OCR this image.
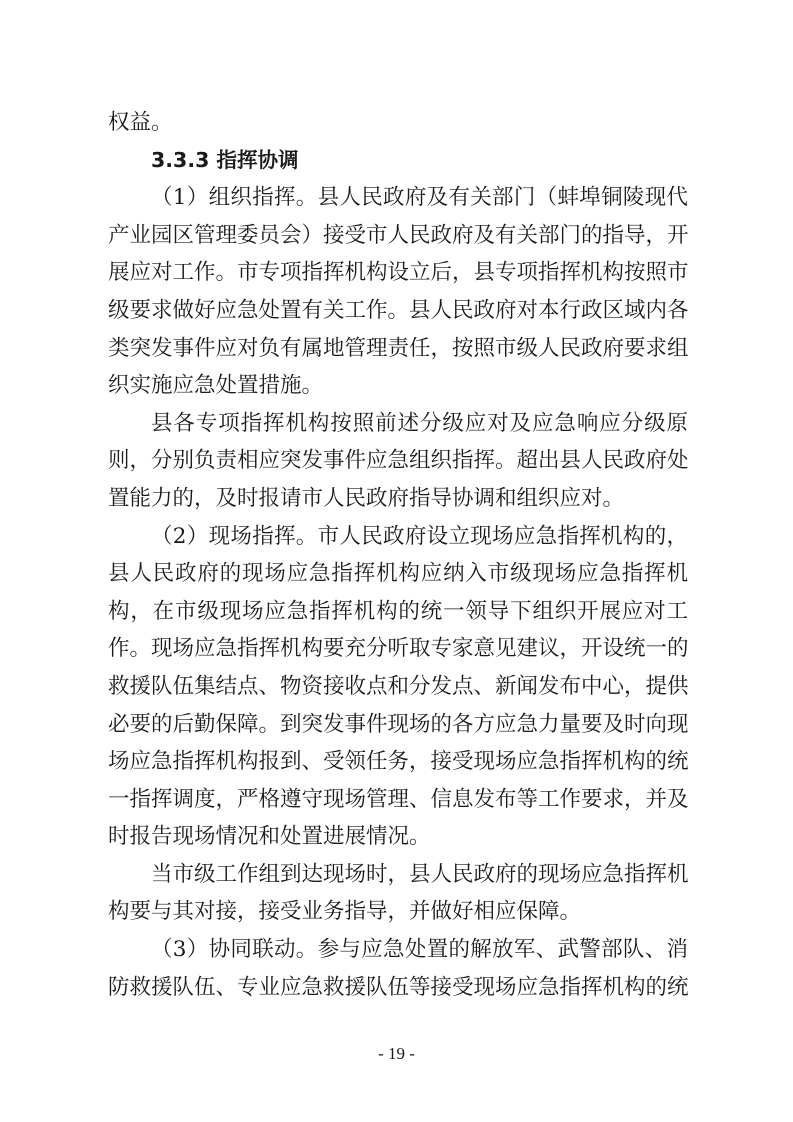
权益。
3.3.3 指挥协调
（1）组织指挥。县人民政府及有关部门（蚌埠铜陵现代
产业园区管理委员会）接受市人民政府及有关部门的指导，开
展应对工作。市专项指挥机构设立后，县专项指挥机构按照市
级要求做好应急处置有关工作。县人民政府对本行政区域内各
类突发事件应对负有属地管理责任，按照市级人民政府要求组
织实施应急处置措施。
县各专项指挥机构按照前述分级应对及应急响应分级原
则，分别负责相应突发事件应急组织指挥。超出县人民政府处
置能力的，及时报请市人民政府指导协调和组织应对。
（2）现场指挥。市人民政府设立现场应急指挥机构的，
县人民政府的现场应急指挥机构应纳入市级现场应急指挥机
构，在市级现场应急指挥机构的统一领导下组织开展应对工
作。现场应急指挥机构要充分听取专家意见建议，开设统一的
救援队伍集结点、物资接收点和分发点、新闻发布中心，提供
必要的后勤保障。到突发事件现场的各方应急力量要及时向现
场应急指挥机构报到、受领任务，接受现场应急指挥机构的统
一指挥调度，严格遵守现场管理、信息发布等工作要求，并及
时报告现场情况和处置进展情况。
当市级工作组到达现场时，县人民政府的现场应急指挥机
构要与其对接，接受业务指导，并做好相应保障。
（3）协同联动。参与应急处置的解放军、武警部队、消
防救援队伍、专业应急救援队伍等接受现场应急指挥机构的统
- 19 -
